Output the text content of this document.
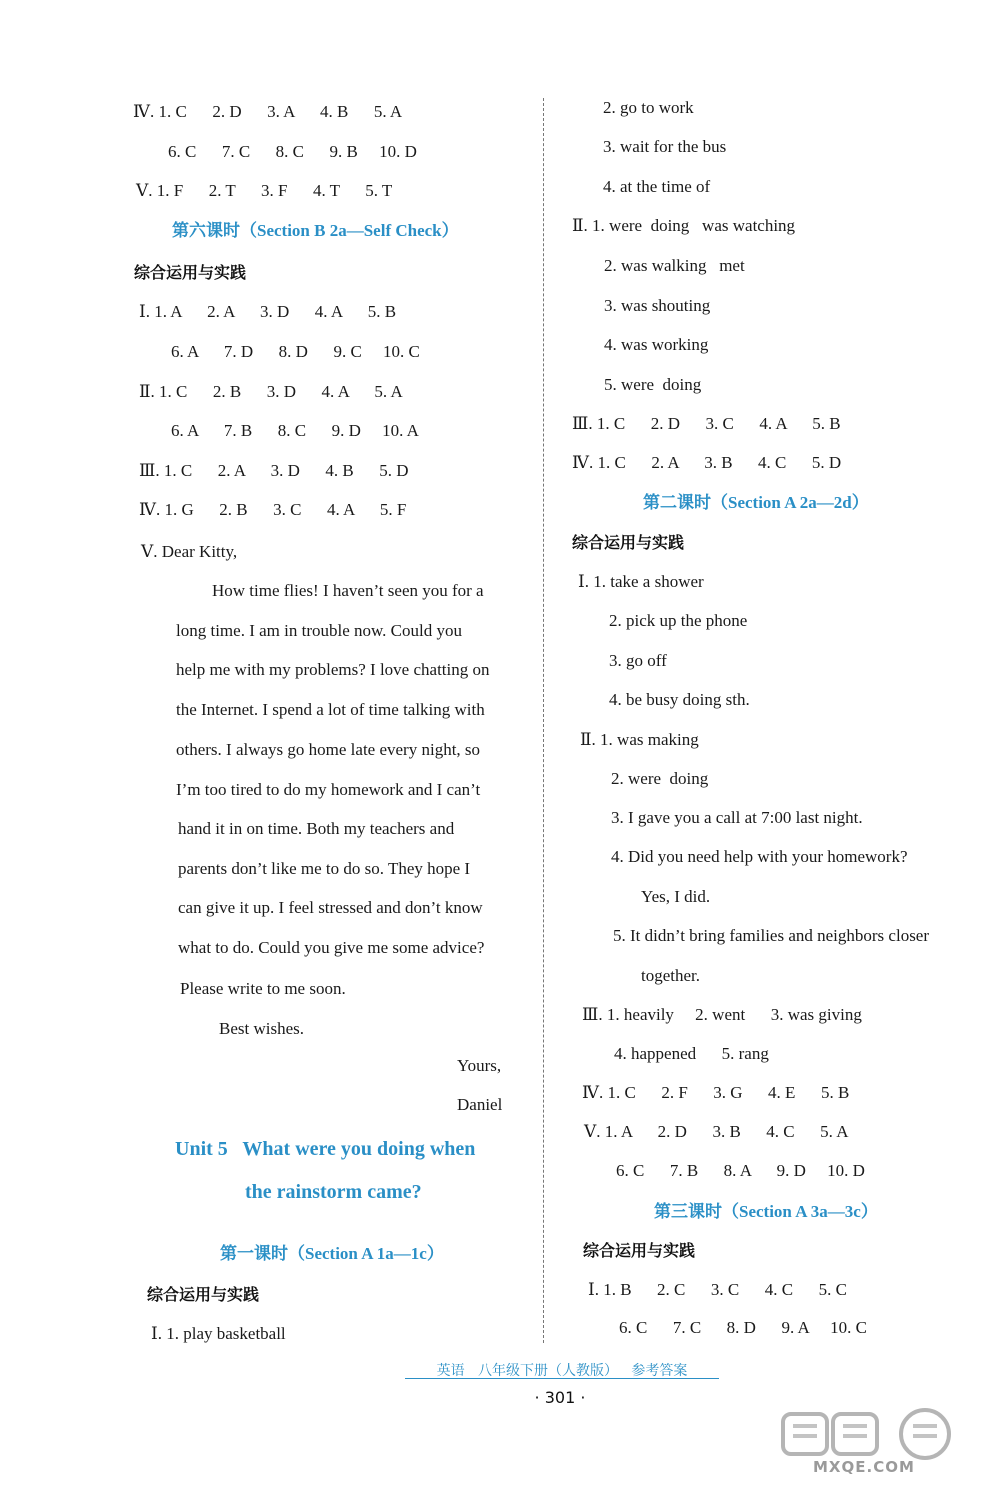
Ⅳ. 1. C      2. D      3. A      4. B      5. A
6. C      7. C      8. C      9. B     10. D
Ⅴ. 1. F      2. T      3. F      4. T      5. T
第六课时（Section B 2a—Self Check）
综合运用与实践
Ⅰ. 1. A      2. A      3. D      4. A      5. B
6. A      7. D      8. D      9. C     10. C
Ⅱ. 1. C      2. B      3. D      4. A      5. A
6. A      7. B      8. C      9. D     10. A
Ⅲ. 1. C      2. A      3. D      4. B      5. D
Ⅳ. 1. G      2. B      3. C      4. A      5. F
Ⅴ. Dear Kitty,
How time flies! I haven’t seen you for a
long time. I am in trouble now. Could you
help me with my problems? I love chatting on
the Internet. I spend a lot of time talking with
others. I always go home late every night, so
I’m too tired to do my homework and I can’t
hand it in on time. Both my teachers and
parents don’t like me to do so. They hope I
can give it up. I feel stressed and don’t know
what to do. Could you give me some advice?
Please write to me soon.
Best wishes.
Yours,
Daniel
Unit 5   What were you doing when
the rainstorm came?
第一课时（Section A 1a—1c）
综合运用与实践
Ⅰ. 1. play basketball
2. go to work
3. wait for the bus
4. at the time of
Ⅱ. 1. were  doing   was watching
2. was walking   met
3. was shouting
4. was working
5. were  doing
Ⅲ. 1. C      2. D      3. C      4. A      5. B
Ⅳ. 1. C      2. A      3. B      4. C      5. D
第二课时（Section A 2a—2d）
综合运用与实践
Ⅰ. 1. take a shower
2. pick up the phone
3. go off
4. be busy doing sth.
Ⅱ. 1. was making
2. were  doing
3. I gave you a call at 7:00 last night.
4. Did you need help with your homework?
Yes, I did.
5. It didn’t bring families and neighbors closer
together.
Ⅲ. 1. heavily     2. went      3. was giving
4. happened      5. rang
Ⅳ. 1. C      2. F      3. G      4. E      5. B
Ⅴ. 1. A      2. D      3. B      4. C      5. A
6. C      7. B      8. A      9. D     10. D
第三课时（Section A 3a—3c）
综合运用与实践
Ⅰ. 1. B      2. C      3. C      4. C      5. C
6. C      7. C      8. D      9. A     10. C
英语   八年级下册（人教版）   参考答案
· 301 ·
MXQE.COM
